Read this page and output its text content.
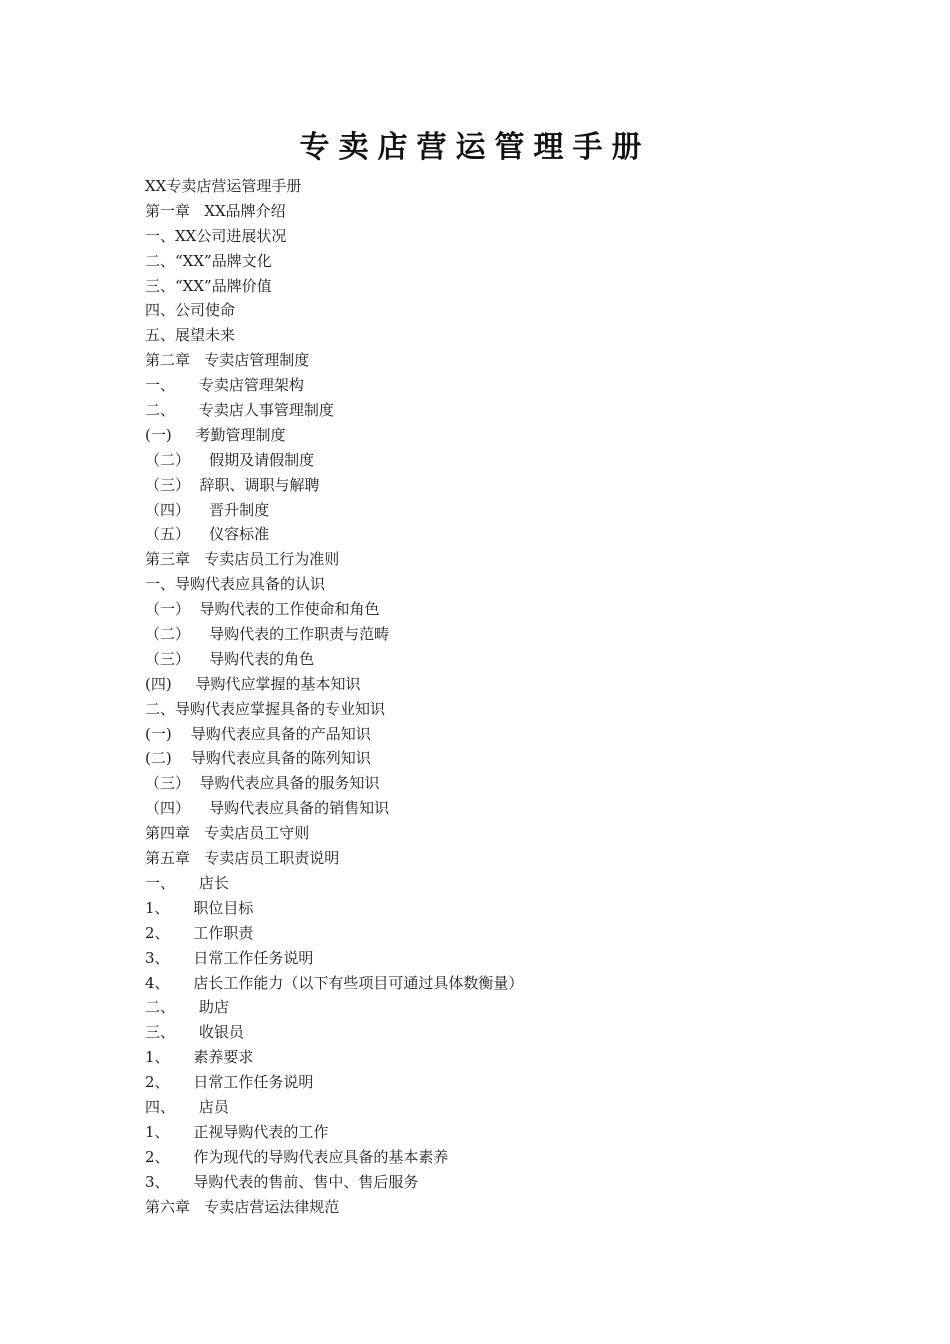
专卖店营运管理手册
XX专卖店营运管理手册
第一章   XX品牌介绍
一、XX公司进展状况
二、“XX”品牌文化
三、“XX”品牌价值
四、公司使命
五、展望未来
第二章   专卖店管理制度
一、     专卖店管理架构
二、     专卖店人事管理制度
(一)     考勤管理制度
（二）    假期及请假制度
（三）  辞职、调职与解聘
（四）    晋升制度
（五）    仪容标准
第三章   专卖店员工行为准则
一、导购代表应具备的认识
（一）  导购代表的工作使命和角色
（二）    导购代表的工作职责与范畴
（三）    导购代表的角色
(四)     导购代应掌握的基本知识
二、导购代表应掌握具备的专业知识
(一)    导购代表应具备的产品知识
(二)    导购代表应具备的陈列知识
（三）  导购代表应具备的服务知识
（四）    导购代表应具备的销售知识
第四章   专卖店员工守则
第五章   专卖店员工职责说明
一、     店长
1、     职位目标
2、     工作职责
3、     日常工作任务说明
4、     店长工作能力（以下有些项目可通过具体数衡量）
二、     助店
三、     收银员
1、     素养要求
2、     日常工作任务说明
四、     店员
1、     正视导购代表的工作
2、     作为现代的导购代表应具备的基本素养
3、     导购代表的售前、售中、售后服务
第六章   专卖店营运法律规范
